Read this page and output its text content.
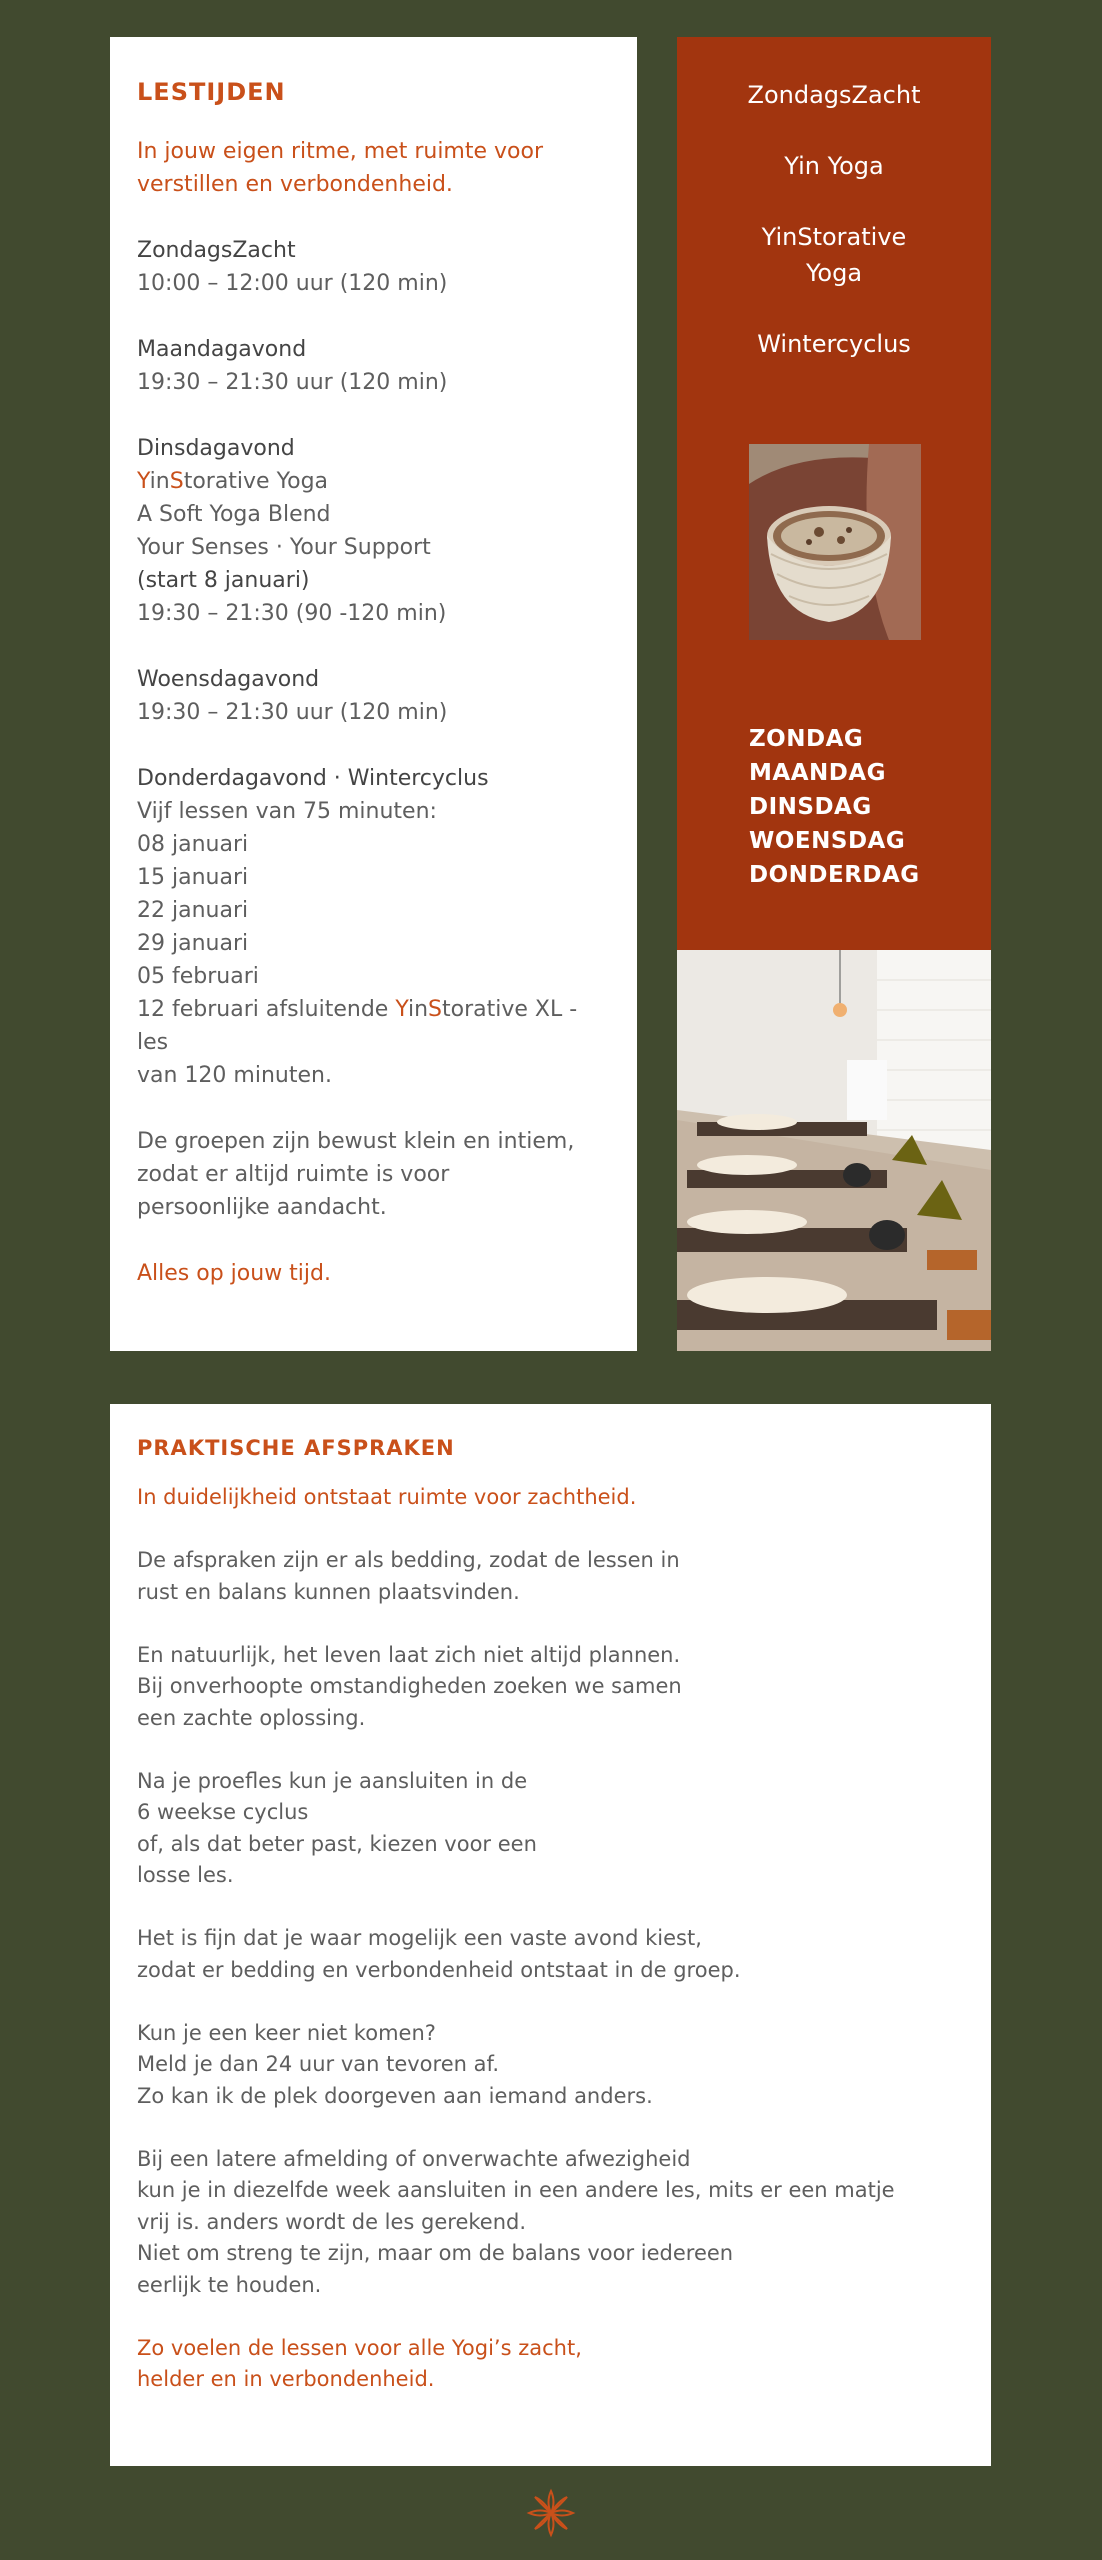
LESTIJDEN

In jouw eigen ritme, met ruimte voor

verstillen en verbondenheid.

ZondagsZacht

10:00 – 12:00 uur (120 min)

Maandagavond

19:30 – 21:30 uur (120 min)

Dinsdagavond

YinStorative Yoga

A Soft Yoga Blend

Your Senses · Your Support

(start 8 januari)

19:30 – 21:30 (90 -120 min)

Woensdagavond

19:30 – 21:30 uur (120 min)

Donderdagavond · Wintercyclus

Vijf lessen van 75 minuten:

08 januari

15 januari

22 januari

29 januari

05 februari

12 februari afsluitende YinStorative XL - les

van 120 minuten.

De groepen zijn bewust klein en intiem,

zodat er altijd ruimte is voor

persoonlijke aandacht.

Alles op jouw tijd.

ZondagsZacht
Yin Yoga
YinStorative
Yoga
Wintercyclus
ZONDAG
MAANDAG
DINSDAG
WOENSDAG
DONDERDAG
PRAKTISCHE AFSPRAKEN

In duidelijkheid ontstaat ruimte voor zachtheid.

De afspraken zijn er als bedding, zodat de lessen in

rust en balans kunnen plaatsvinden.

En natuurlijk, het leven laat zich niet altijd plannen.

Bij onverhoopte omstandigheden zoeken we samen

een zachte oplossing.

Na je proefles kun je aansluiten in de

6 weekse cyclus

of, als dat beter past, kiezen voor een

losse les.

Het is fijn dat je waar mogelijk een vaste avond kiest,

zodat er bedding en verbondenheid ontstaat in de groep.

Kun je een keer niet komen?

Meld je dan 24 uur van tevoren af.

Zo kan ik de plek doorgeven aan iemand anders.

Bij een latere afmelding of onverwachte afwezigheid

kun je in diezelfde week aansluiten in een andere les, mits er een matje

vrij is. anders wordt de les gerekend.

Niet om streng te zijn, maar om de balans voor iedereen

eerlijk te houden.

Zo voelen de lessen voor alle Yogi’s zacht,

helder en in verbondenheid.
